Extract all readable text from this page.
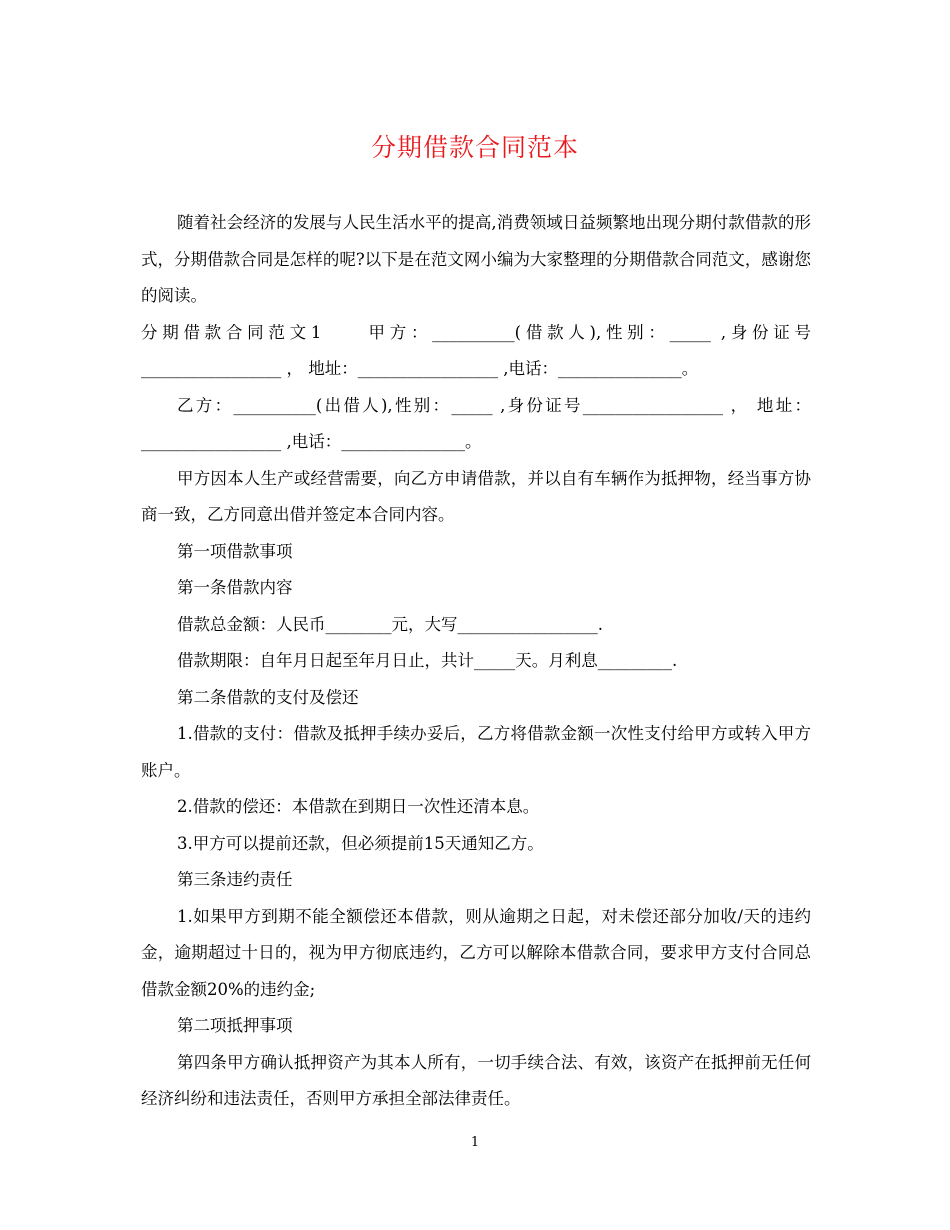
分期借款合同范本

随着社会经济的发展与人民生活水平的提高,消费领域日益频繁地出现分期付款借款的形式，分期借款合同是怎样的呢?以下是在范文网小编为大家整理的分期借款合同范文，感谢您的阅读。

分期借款合同范文1　　甲方：__________(借款人),性别：_____ ,身份证号_________________ ， 地址：_________________ ,电话：_______________。

乙方：__________(出借人),性别：_____ ,身份证号_________________ ， 地址：_________________ ,电话：_______________。

甲方因本人生产或经营需要，向乙方申请借款，并以自有车辆作为抵押物，经当事方协商一致，乙方同意出借并签定本合同内容。

第一项借款事项

第一条借款内容

借款总金额：人民币________元，大写_________________.

借款期限：自年月日起至年月日止，共计_____天。月利息_________.

第二条借款的支付及偿还

1.借款的支付：借款及抵押手续办妥后，乙方将借款金额一次性支付给甲方或转入甲方账户。

2.借款的偿还：本借款在到期日一次性还清本息。

3.甲方可以提前还款，但必须提前15天通知乙方。

第三条违约责任

1.如果甲方到期不能全额偿还本借款，则从逾期之日起，对未偿还部分加收/天的违约金，逾期超过十日的，视为甲方彻底违约，乙方可以解除本借款合同，要求甲方支付合同总借款金额20%的违约金;

第二项抵押事项

第四条甲方确认抵押资产为其本人所有，一切手续合法、有效，该资产在抵押前无任何经济纠纷和违法责任，否则甲方承担全部法律责任。

1
